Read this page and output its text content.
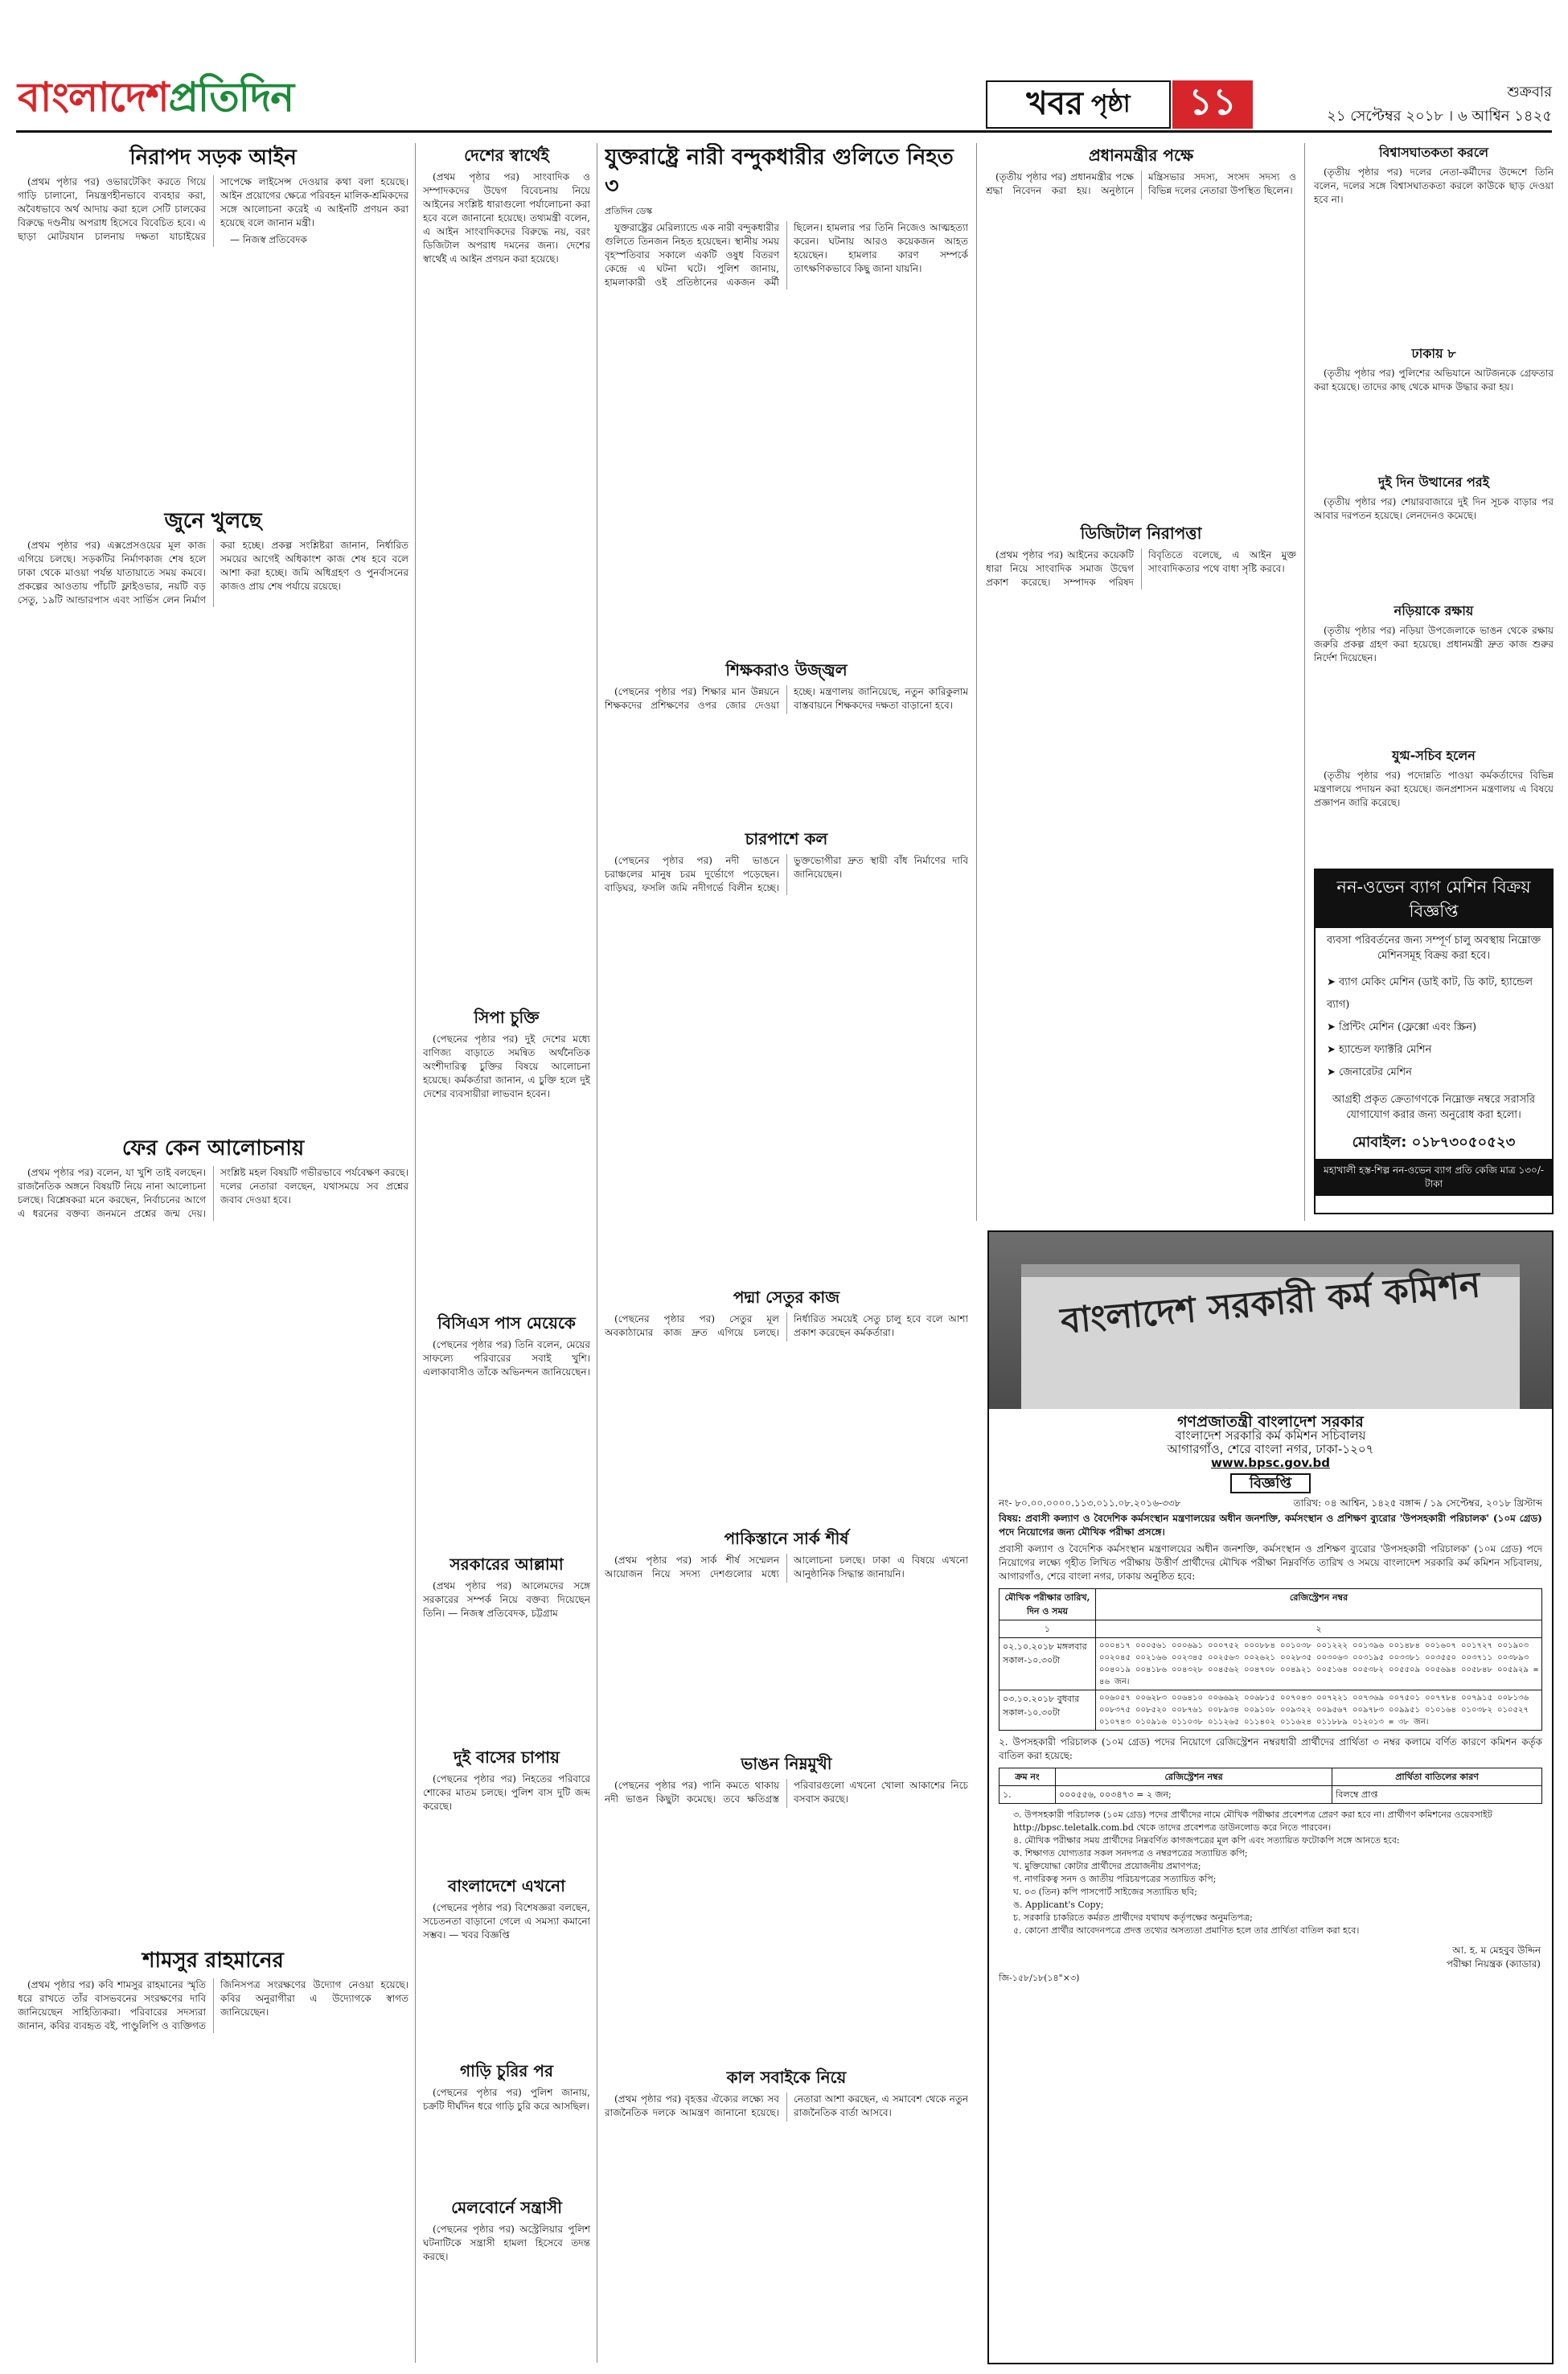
বাংলাদেশপ্রতিদিন	খবর পৃষ্ঠা	১১	শুক্রবার
২১ সেপ্টেম্বর ২০১৮ । ৬ আশ্বিন ১৪২৫
নিরাপদ সড়ক আইন

(প্রথম পৃষ্ঠার পর) ওভারটেকিং করতে গিয়ে গাড়ি চালানো, নিয়ন্ত্রণহীনভাবে ব্যবহার করা, অবৈধভাবে অর্থ আদায় করা হলে সেটি চালকের বিরুদ্ধে দণ্ডনীয় অপরাধ হিসেবে বিবেচিত হবে। এ ছাড়া মোটরযান চালনায় দক্ষতা যাচাইয়ের সাপেক্ষে লাইসেন্স দেওয়ার কথা বলা হয়েছে। আইন প্রয়োগের ক্ষেত্রে পরিবহন মালিক-শ্রমিকদের সঙ্গে আলোচনা করেই এ আইনটি প্রণয়ন করা হয়েছে বলে জানান মন্ত্রী।

— নিজস্ব প্রতিবেদক

জুনে খুলছে

(প্রথম পৃষ্ঠার পর) এক্সপ্রেসওয়ের মূল কাজ এগিয়ে চলছে। সড়কটির নির্মাণকাজ শেষ হলে ঢাকা থেকে মাওয়া পর্যন্ত যাতায়াতে সময় কমবে। প্রকল্পের আওতায় পাঁচটি ফ্লাইওভার, নয়টি বড় সেতু, ১৯টি আন্ডারপাস এবং সার্ভিস লেন নির্মাণ করা হচ্ছে। প্রকল্প সংশ্লিষ্টরা জানান, নির্ধারিত সময়ের আগেই অধিকাংশ কাজ শেষ হবে বলে আশা করা হচ্ছে। জমি অধিগ্রহণ ও পুনর্বাসনের কাজও প্রায় শেষ পর্যায়ে রয়েছে।

ফের কেন আলোচনায়

(প্রথম পৃষ্ঠার পর) বলেন, যা খুশি তাই বলছেন। রাজনৈতিক অঙ্গনে বিষয়টি নিয়ে নানা আলোচনা চলছে। বিশ্লেষকরা মনে করছেন, নির্বাচনের আগে এ ধরনের বক্তব্য জনমনে প্রশ্নের জন্ম দেয়। সংশ্লিষ্ট মহল বিষয়টি গভীরভাবে পর্যবেক্ষণ করছে। দলের নেতারা বলছেন, যথাসময়ে সব প্রশ্নের জবাব দেওয়া হবে।

শামসুর রাহমানের

(প্রথম পৃষ্ঠার পর) কবি শামসুর রাহমানের স্মৃতি ধরে রাখতে তাঁর বাসভবনের সংরক্ষণের দাবি জানিয়েছেন সাহিত্যিকরা। পরিবারের সদস্যরা জানান, কবির ব্যবহৃত বই, পাণ্ডুলিপি ও ব্যক্তিগত জিনিসপত্র সংরক্ষণের উদ্যোগ নেওয়া হয়েছে। কবির অনুরাগীরা এ উদ্যোগকে স্বাগত জানিয়েছেন।

দেশের স্বার্থেই

(প্রথম পৃষ্ঠার পর) সাংবাদিক ও সম্পাদকদের উদ্বেগ বিবেচনায় নিয়ে আইনের সংশ্লিষ্ট ধারাগুলো পর্যালোচনা করা হবে বলে জানানো হয়েছে। তথ্যমন্ত্রী বলেন, এ আইন সাংবাদিকদের বিরুদ্ধে নয়, বরং ডিজিটাল অপরাধ দমনের জন্য। দেশের স্বার্থেই এ আইন প্রণয়ন করা হয়েছে।

সিপা চুক্তি

(পেছনের পৃষ্ঠার পর) দুই দেশের মধ্যে বাণিজ্য বাড়াতে সমন্বিত অর্থনৈতিক অংশীদারিত্ব চুক্তির বিষয়ে আলোচনা হয়েছে। কর্মকর্তারা জানান, এ চুক্তি হলে দুই দেশের ব্যবসায়ীরা লাভবান হবেন।

বিসিএস পাস মেয়েকে

(পেছনের পৃষ্ঠার পর) তিনি বলেন, মেয়ের সাফল্যে পরিবারের সবাই খুশি। এলাকাবাসীও তাঁকে অভিনন্দন জানিয়েছেন।

সরকারের আল্লামা

(প্রথম পৃষ্ঠার পর) আলেমদের সঙ্গে সরকারের সম্পর্ক নিয়ে বক্তব্য দিয়েছেন তিনি। — নিজস্ব প্রতিবেদক, চট্টগ্রাম

দুই বাসের চাপায়

(পেছনের পৃষ্ঠার পর) নিহতের পরিবারে শোকের মাতম চলছে। পুলিশ বাস দুটি জব্দ করেছে।

বাংলাদেশে এখনো

(পেছনের পৃষ্ঠার পর) বিশেষজ্ঞরা বলছেন, সচেতনতা বাড়ানো গেলে এ সমস্যা কমানো সম্ভব। — খবর বিজ্ঞপ্তি

গাড়ি চুরির পর

(পেছনের পৃষ্ঠার পর) পুলিশ জানায়, চক্রটি দীর্ঘদিন ধরে গাড়ি চুরি করে আসছিল।

মেলবোর্নে সন্ত্রাসী

(পেছনের পৃষ্ঠার পর) অস্ট্রেলিয়ার পুলিশ ঘটনাটিকে সন্ত্রাসী হামলা হিসেবে তদন্ত করছে।

যুক্তরাষ্ট্রে নারী বন্দুকধারীর গুলিতে নিহত ৩
প্রতিদিন ডেস্ক

যুক্তরাষ্ট্রের মেরিল্যান্ডে এক নারী বন্দুকধারীর গুলিতে তিনজন নিহত হয়েছেন। স্থানীয় সময় বৃহস্পতিবার সকালে একটি ওষুধ বিতরণ কেন্দ্রে এ ঘটনা ঘটে। পুলিশ জানায়, হামলাকারী ওই প্রতিষ্ঠানের একজন কর্মী ছিলেন। হামলার পর তিনি নিজেও আত্মহত্যা করেন। ঘটনায় আরও কয়েকজন আহত হয়েছেন। হামলার কারণ সম্পর্কে তাৎক্ষণিকভাবে কিছু জানা যায়নি।

শিক্ষকরাও উজ্জ্বল

(পেছনের পৃষ্ঠার পর) শিক্ষার মান উন্নয়নে শিক্ষকদের প্রশিক্ষণের ওপর জোর দেওয়া হচ্ছে। মন্ত্রণালয় জানিয়েছে, নতুন কারিকুলাম বাস্তবায়নে শিক্ষকদের দক্ষতা বাড়ানো হবে।

চারপাশে কল

(পেছনের পৃষ্ঠার পর) নদী ভাঙনে চরাঞ্চলের মানুষ চরম দুর্ভোগে পড়েছেন। বাড়িঘর, ফসলি জমি নদীগর্ভে বিলীন হচ্ছে। ভুক্তভোগীরা দ্রুত স্থায়ী বাঁধ নির্মাণের দাবি জানিয়েছেন।

পদ্মা সেতুর কাজ

(পেছনের পৃষ্ঠার পর) সেতুর মূল অবকাঠামোর কাজ দ্রুত এগিয়ে চলছে। নির্ধারিত সময়েই সেতু চালু হবে বলে আশা প্রকাশ করেছেন কর্মকর্তারা।

পাকিস্তানে সার্ক শীর্ষ

(প্রথম পৃষ্ঠার পর) সার্ক শীর্ষ সম্মেলন আয়োজন নিয়ে সদস্য দেশগুলোর মধ্যে আলোচনা চলছে। ঢাকা এ বিষয়ে এখনো আনুষ্ঠানিক সিদ্ধান্ত জানায়নি।

ভাঙন নিম্নমুখী

(পেছনের পৃষ্ঠার পর) পানি কমতে থাকায় নদী ভাঙন কিছুটা কমেছে। তবে ক্ষতিগ্রস্ত পরিবারগুলো এখনো খোলা আকাশের নিচে বসবাস করছে।

কাল সবাইকে নিয়ে

(প্রথম পৃষ্ঠার পর) বৃহত্তর ঐক্যের লক্ষ্যে সব রাজনৈতিক দলকে আমন্ত্রণ জানানো হয়েছে। নেতারা আশা করছেন, এ সমাবেশ থেকে নতুন রাজনৈতিক বার্তা আসবে।

প্রধানমন্ত্রীর পক্ষে

(তৃতীয় পৃষ্ঠার পর) প্রধানমন্ত্রীর পক্ষে শ্রদ্ধা নিবেদন করা হয়। অনুষ্ঠানে মন্ত্রিসভার সদস্য, সংসদ সদস্য ও বিভিন্ন দলের নেতারা উপস্থিত ছিলেন।

ডিজিটাল নিরাপত্তা

(প্রথম পৃষ্ঠার পর) আইনের কয়েকটি ধারা নিয়ে সাংবাদিক সমাজ উদ্বেগ প্রকাশ করেছে। সম্পাদক পরিষদ বিবৃতিতে বলেছে, এ আইন মুক্ত সাংবাদিকতার পথে বাধা সৃষ্টি করবে।

বিশ্বাসঘাতকতা করলে

(তৃতীয় পৃষ্ঠার পর) দলের নেতা-কর্মীদের উদ্দেশে তিনি বলেন, দলের সঙ্গে বিশ্বাসঘাতকতা করলে কাউকে ছাড় দেওয়া হবে না।

ঢাকায় ৮

(তৃতীয় পৃষ্ঠার পর) পুলিশের অভিযানে আটজনকে গ্রেফতার করা হয়েছে। তাদের কাছ থেকে মাদক উদ্ধার করা হয়।

দুই দিন উত্থানের পরই

(তৃতীয় পৃষ্ঠার পর) শেয়ারবাজারে দুই দিন সূচক বাড়ার পর আবার দরপতন হয়েছে। লেনদেনও কমেছে।

নড়িয়াকে রক্ষায়

(তৃতীয় পৃষ্ঠার পর) নড়িয়া উপজেলাকে ভাঙন থেকে রক্ষায় জরুরি প্রকল্প গ্রহণ করা হয়েছে। প্রধানমন্ত্রী দ্রুত কাজ শুরুর নির্দেশ দিয়েছেন।

যুগ্ম-সচিব হলেন

(তৃতীয় পৃষ্ঠার পর) পদোন্নতি পাওয়া কর্মকর্তাদের বিভিন্ন মন্ত্রণালয়ে পদায়ন করা হয়েছে। জনপ্রশাসন মন্ত্রণালয় এ বিষয়ে প্রজ্ঞাপন জারি করেছে।

নন-ওভেন ব্যাগ মেশিন বিক্রয় বিজ্ঞপ্তি
ব্যবসা পরিবর্তনের জন্য সম্পূর্ণ চালু অবস্থায় নিম্নোক্ত মেশিনসমূহ বিক্রয় করা হবে।
➤ ব্যাগ মেকিং মেশিন (ডাই কাট, ডি কাট, হ্যান্ডেল ব্যাগ)
➤ প্রিন্টিং মেশিন (ফ্লেক্সো এবং স্ক্রিন)
➤ হ্যান্ডেল ফ্যাক্টরি মেশিন
➤ জেনারেটর মেশিন
আগ্রহী প্রকৃত ক্রেতাগণকে নিম্নোক্ত নম্বরে সরাসরি যোগাযোগ করার জন্য অনুরোধ করা হলো।
মোবাইল: ০১৮৭৩০৫০৫২৩
মহাখালী হস্ত-শিল্প নন-ওভেন ব্যাগ প্রতি কেজি মাত্র ১৩০/- টাকা
বাংলাদেশ সরকারী কর্ম কমিশন
গণপ্রজাতন্ত্রী বাংলাদেশ সরকার
বাংলাদেশ সরকারি কর্ম কমিশন সচিবালয়
আগারগাঁও, শেরে বাংলা নগর, ঢাকা-১২০৭
www.bpsc.gov.bd
বিজ্ঞপ্তি
নং- ৮০.০০.০০০০.১১৩.০১১.০৮.২০১৬-৩৩৮	তারিখ: ০৪ আশ্বিন, ১৪২৫ বঙ্গাব্দ / ১৯ সেপ্টেম্বর, ২০১৮ খ্রিস্টাব্দ
বিষয়: প্রবাসী কল্যাণ ও বৈদেশিক কর্মসংস্থান মন্ত্রণালয়ের অধীন জনশক্তি, কর্মসংস্থান ও প্রশিক্ষণ ব্যুরোর 'উপসহকারী পরিচালক' (১০ম গ্রেড) পদে নিয়োগের জন্য মৌখিক পরীক্ষা প্রসঙ্গে।
প্রবাসী কল্যাণ ও বৈদেশিক কর্মসংস্থান মন্ত্রণালয়ের অধীন জনশক্তি, কর্মসংস্থান ও প্রশিক্ষণ ব্যুরোর 'উপসহকারী পরিচালক' (১০ম গ্রেড) পদে নিয়োগের লক্ষ্যে গৃহীত লিখিত পরীক্ষায় উত্তীর্ণ প্রার্থীদের মৌখিক পরীক্ষা নিম্নবর্ণিত তারিখ ও সময়ে বাংলাদেশ সরকারি কর্ম কমিশন সচিবালয়, আগারগাঁও, শেরে বাংলা নগর, ঢাকায় অনুষ্ঠিত হবে:
মৌখিক পরীক্ষার তারিখ, দিন ও সময়	রেজিস্ট্রেশন নম্বর
১	২
০২.১০.২০১৮ মঙ্গলবার সকাল-১০.৩০টা	০০০৪১৭ ০০০৫৬১ ০০০৬৯১ ০০০৭৫২ ০০০৮৮৪ ০০১০৩৮ ০০১২২২ ০০১৩৯৬ ০০১৪৮৪ ০০১৬০৭ ০০১৭২৭ ০০১৯০৩ ০০২০৪৫ ০০২১৬৬ ০০২৩৪৫ ০০২৫৬৩ ০০২৬২১ ০০২৮৩৫ ০০৩০৬৩ ০০৩১৯৫ ০০৩৩৮১ ০০৩৫৫০ ০০৩৭১১ ০০৩৮৯৩ ০০৪০১৯ ০০৪১৮৬ ০০৪৩২৮ ০০৪৫৬২ ০০৪৭০৮ ০০৪৯২১ ০০৫১৬৪ ০০৫৩৮২ ০০৫৫০৯ ০০৫৬৯৪ ০০৫৮৪৮ ০০৫৯২৯ = ৪৬ জন।
০৩.১০.২০১৮ বুধবার সকাল-১০.৩০টা	০০৬০৫৭ ০০৬২৮৩ ০০৬৪১০ ০০৬৬৯২ ০০৬৮১৫ ০০৭০৪৩ ০০৭২২১ ০০৭৩৬৯ ০০৭৫০১ ০০৭৭৮৪ ০০৭৯১৫ ০০৮১৩৬ ০০৮৩৭৫ ০০৮৫২০ ০০৮৭৬১ ০০৮৯৩৪ ০০৯১০৮ ০০৯৩২২ ০০৯৫৬৭ ০০৯৭৮৩ ০০৯৯৫১ ০১০১৬৪ ০১০৩৮২ ০১০৫২৭ ০১০৭৪৩ ০১০৯১৬ ০১১০৩৮ ০১১২৬৫ ০১১৪০২ ০১১৬২৪ ০১১৮৮৯ ০১২০১৩ = ৩৮ জন।
২. উপসহকারী পরিচালক (১০ম গ্রেড) পদের নিয়োগে রেজিস্ট্রেশন নম্বরধারী প্রার্থীদের প্রার্থিতা ৩ নম্বর কলামে বর্ণিত কারণে কমিশন কর্তৃক বাতিল করা হয়েছে:
ক্রম নং	রেজিস্ট্রেশন নম্বর	প্রার্থিতা বাতিলের কারণ
১.	০০০৫৫৬, ০০৩৪৭৩ = ২ জন;	বিলম্বে প্রাপ্ত
৩. উপসহকারী পরিচালক (১০ম গ্রেড) পদের প্রার্থীদের নামে মৌখিক পরীক্ষার প্রবেশপত্র প্রেরণ করা হবে না। প্রার্থীগণ কমিশনের ওয়েবসাইট http://bpsc.teletalk.com.bd থেকে তাদের প্রবেশপত্র ডাউনলোড করে নিতে পারবেন।
৪. মৌখিক পরীক্ষার সময় প্রার্থীদের নিম্নবর্ণিত কাগজপত্রের মূল কপি এবং সত্যায়িত ফটোকপি সঙ্গে আনতে হবে:
ক. শিক্ষাগত যোগ্যতার সকল সনদপত্র ও নম্বরপত্রের সত্যায়িত কপি;
খ. মুক্তিযোদ্ধা কোটার প্রার্থীদের প্রয়োজনীয় প্রমাণপত্র;
গ. নাগরিকত্ব সনদ ও জাতীয় পরিচয়পত্রের সত্যায়িত কপি;
ঘ. ০৩ (তিন) কপি পাসপোর্ট সাইজের সত্যায়িত ছবি;
ঙ. Applicant's Copy;
চ. সরকারি চাকরিতে কর্মরত প্রার্থীদের যথাযথ কর্তৃপক্ষের অনুমতিপত্র;
৫. কোনো প্রার্থীর আবেদনপত্রে প্রদত্ত তথ্যের অসত্যতা প্রমাণিত হলে তার প্রার্থিতা বাতিল করা হবে।
আ. হ. ম মেহবুব উদ্দিন
পরীক্ষা নিয়ন্ত্রক (ক্যাডার)
জি-১৫৮/১৮(১৪"×৩)
